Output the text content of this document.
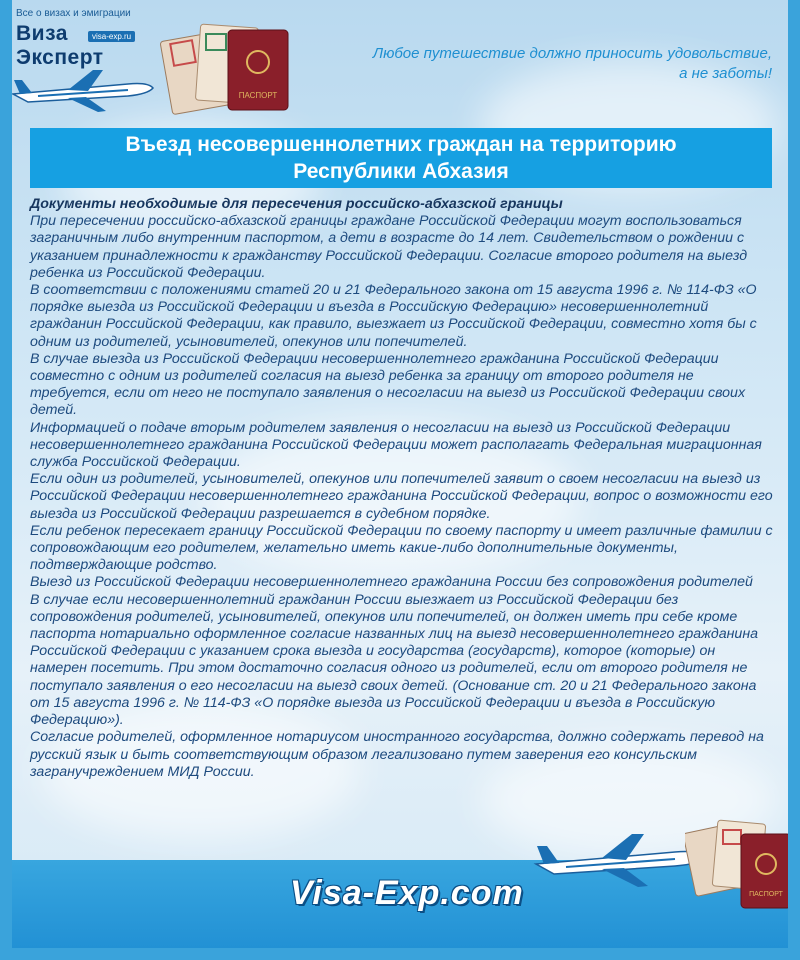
Все о визах и эмиграции
Виза	visa-exp.ru
Эксперт
ПАСПОРТ
Любое путешествие должно приносить удовольствие,
а не заботы!
Въезд несовершеннолетних граждан на территорию
Республики Абхазия

Документы необходимые для пересечения российско-абхазской границы

При пересечении российско-абхазской границы граждане Российской Федерации могут воспользоваться заграничным либо внутренним паспортом, а дети в возрасте до 14 лет. Свидетельством о рождении с указанием принадлежности к гражданству Российской Федерации. Согласие второго родителя на выезд ребенка из Российской Федерации.

В соответствии с положениями статей 20 и 21 Федерального закона от 15 августа 1996 г. № 114-ФЗ «О порядке выезда из Российской Федерации и въезда в Российскую Федерацию» несовершеннолетний гражданин Российской Федерации, как правило, выезжает из Российской Федерации, совместно хотя бы с одним из родителей, усыновителей, опекунов или попечителей.

В случае выезда из Российской Федерации несовершеннолетнего гражданина Российской Федерации совместно с одним из родителей согласия на выезд ребенка за границу от второго родителя не требуется, если от него не поступало заявления о несогласии на выезд из Российской Федерации своих детей.

Информацией о подаче вторым родителем заявления о несогласии на выезд из Российской Федерации несовершеннолетнего гражданина Российской Федерации может располагать Федеральная миграционная служба Российской Федерации.

Если один из родителей, усыновителей, опекунов или попечителей заявит о своем несогласии на выезд из Российской Федерации несовершеннолетнего гражданина Российской Федерации, вопрос о возможности его выезда из Российской Федерации разрешается в судебном порядке.

Если ребенок пересекает границу Российской Федерации по своему паспорту и имеет различные фамилии с сопровождающим его родителем, желательно иметь какие-либо дополнительные документы, подтверждающие родство.

Выезд из Российской Федерации несовершеннолетнего гражданина России без сопровождения родителей

В случае если несовершеннолетний гражданин России выезжает из Российской Федерации без сопровождения родителей, усыновителей, опекунов или попечителей, он должен иметь при себе кроме паспорта нотариально оформленное согласие названных лиц на выезд несовершеннолетнего гражданина Российской Федерации с указанием срока выезда и государства (государств), которое (которые) он намерен посетить. При этом достаточно согласия одного из родителей, если от второго родителя не поступало заявления о его несогласии на выезд своих детей. (Основание ст. 20 и 21 Федерального закона от 15 августа 1996 г. № 114-ФЗ «О порядке выезда из Российской Федерации и въезда в Российскую Федерацию»).

Согласие родителей, оформленное нотариусом иностранного государства, должно содержать перевод на русский язык и быть соответствующим образом легализовано путем заверения его консульским загранучреждением МИД России.

Visa-Exp.com	ПАСПОРТ
